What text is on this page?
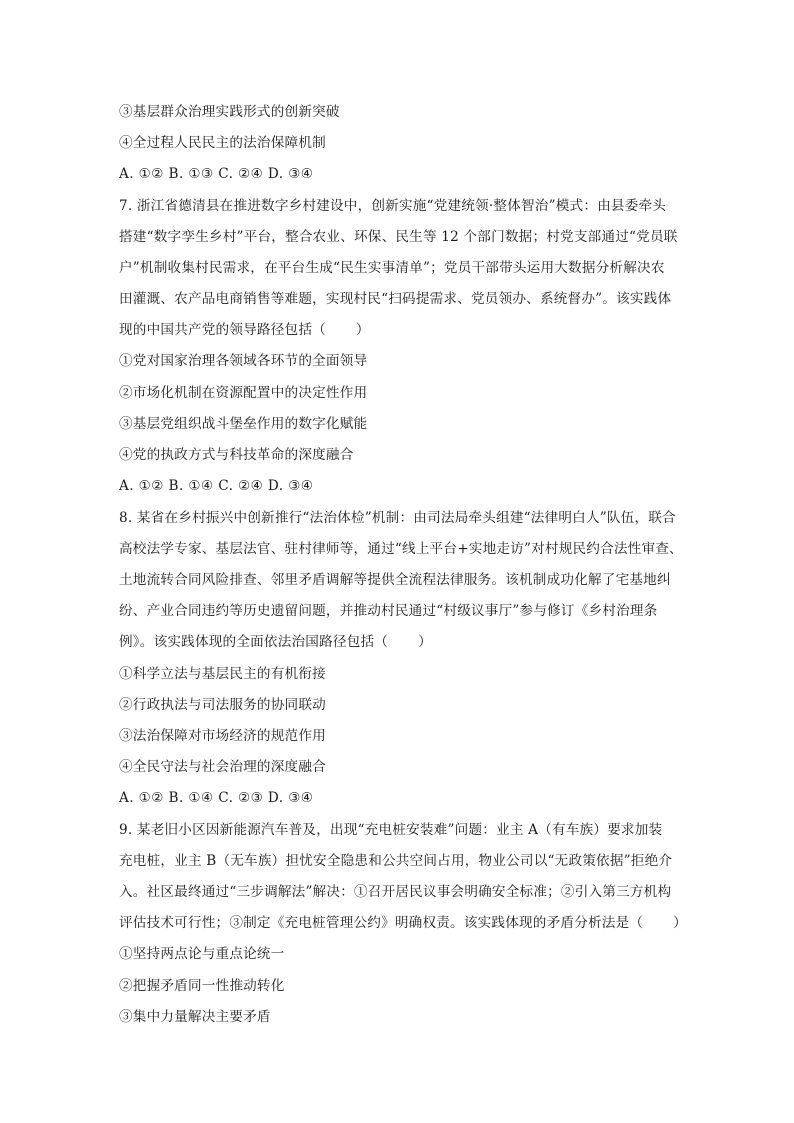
③基层群众治理实践形式的创新突破
④全过程人民民主的法治保障机制
A. ①② B. ①③ C. ②④ D. ③④
7. 浙江省德清县在推进数字乡村建设中，创新实施“党建统领·整体智治”模式：由县委牵头
搭建“数字孪生乡村”平台，整合农业、环保、民生等 12 个部门数据；村党支部通过“党员联
户”机制收集村民需求，在平台生成“民生实事清单”；党员干部带头运用大数据分析解决农
田灌溉、农产品电商销售等难题，实现村民“扫码提需求、党员领办、系统督办”。该实践体
现的中国共产党的领导路径包括（ ）
①党对国家治理各领域各环节的全面领导
②市场化机制在资源配置中的决定性作用
③基层党组织战斗堡垒作用的数字化赋能
④党的执政方式与科技革命的深度融合
A. ①② B. ①④ C. ②④ D. ③④
8. 某省在乡村振兴中创新推行“法治体检”机制：由司法局牵头组建“法律明白人”队伍，联合
高校法学专家、基层法官、驻村律师等，通过“线上平台+实地走访”对村规民约合法性审查、
土地流转合同风险排查、邻里矛盾调解等提供全流程法律服务。该机制成功化解了宅基地纠
纷、产业合同违约等历史遗留问题，并推动村民通过“村级议事厅”参与修订《乡村治理条
例》。该实践体现的全面依法治国路径包括（ ）
①科学立法与基层民主的有机衔接
②行政执法与司法服务的协同联动
③法治保障对市场经济的规范作用
④全民守法与社会治理的深度融合
A. ①② B. ①④ C. ②③ D. ③④
9. 某老旧小区因新能源汽车普及，出现“充电桩安装难”问题：业主 A（有车族）要求加装
充电桩，业主 B（无车族）担忧安全隐患和公共空间占用，物业公司以“无政策依据”拒绝介
入。社区最终通过“三步调解法”解决：①召开居民议事会明确安全标准；②引入第三方机构
评估技术可行性；③制定《充电桩管理公约》明确权责。该实践体现的矛盾分析法是（ ）
①坚持两点论与重点论统一
②把握矛盾同一性推动转化
③集中力量解决主要矛盾
